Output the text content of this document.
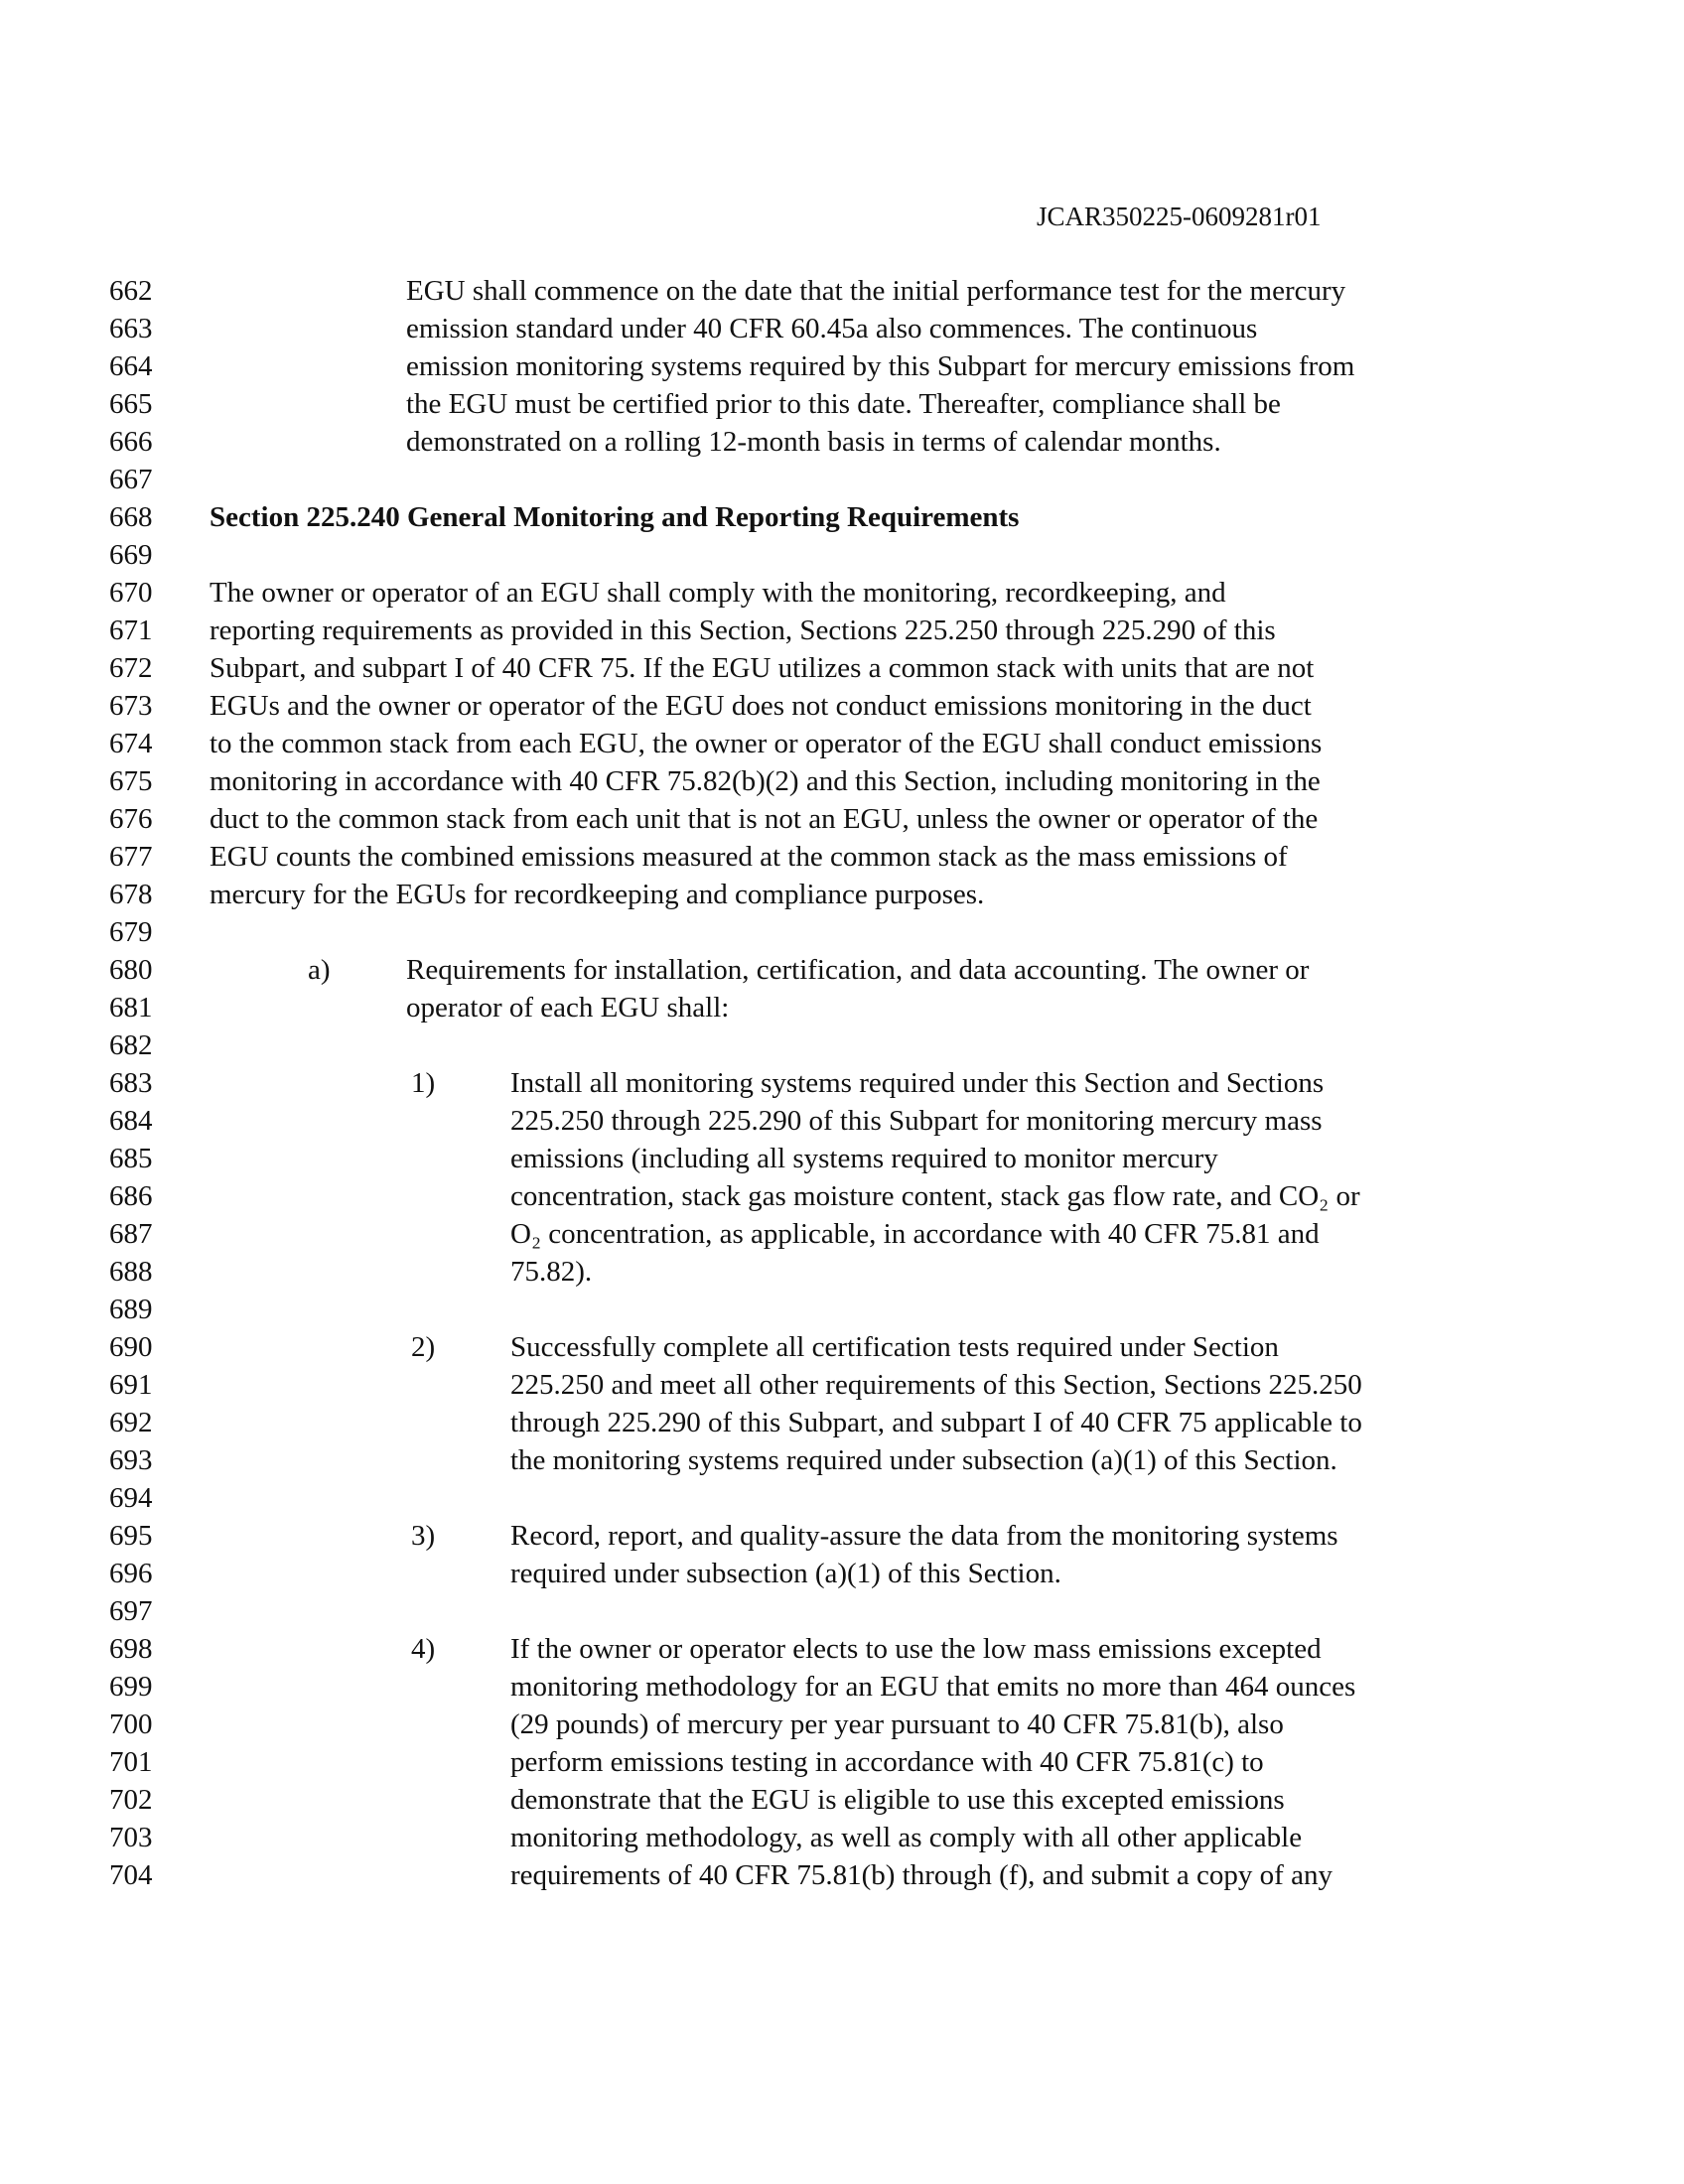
JCAR350225-0609281r01
662	EGU shall commence on the date that the initial performance test for the mercury
663	emission standard under 40 CFR 60.45a also commences. The continuous
664	emission monitoring systems required by this Subpart for mercury emissions from
665	the EGU must be certified prior to this date. Thereafter, compliance shall be
666	demonstrated on a rolling 12-month basis in terms of calendar months.
667
668 Section 225.240 General Monitoring and Reporting Requirements
669
670 The owner or operator of an EGU shall comply with the monitoring, recordkeeping, and
671 reporting requirements as provided in this Section, Sections 225.250 through 225.290 of this
672 Subpart, and subpart I of 40 CFR 75. If the EGU utilizes a common stack with units that are not
673 EGUs and the owner or operator of the EGU does not conduct emissions monitoring in the duct
674 to the common stack from each EGU, the owner or operator of the EGU shall conduct emissions
675 monitoring in accordance with 40 CFR 75.82(b)(2) and this Section, including monitoring in the
676 duct to the common stack from each unit that is not an EGU, unless the owner or operator of the
677 EGU counts the combined emissions measured at the common stack as the mass emissions of
678 mercury for the EGUs for recordkeeping and compliance purposes.
679
680	a)	Requirements for installation, certification, and data accounting. The owner or
681	operator of each EGU shall:
682
683	1)	Install all monitoring systems required under this Section and Sections
684	225.250 through 225.290 of this Subpart for monitoring mercury mass
685	emissions (including all systems required to monitor mercury
686	concentration, stack gas moisture content, stack gas flow rate, and CO₂ or
687	O₂ concentration, as applicable, in accordance with 40 CFR 75.81 and
688	75.82).
689
690	2)	Successfully complete all certification tests required under Section
691	225.250 and meet all other requirements of this Section, Sections 225.250
692	through 225.290 of this Subpart, and subpart I of 40 CFR 75 applicable to
693	the monitoring systems required under subsection (a)(1) of this Section.
694
695	3)	Record, report, and quality-assure the data from the monitoring systems
696	required under subsection (a)(1) of this Section.
697
698	4)	If the owner or operator elects to use the low mass emissions excepted
699	monitoring methodology for an EGU that emits no more than 464 ounces
700	(29 pounds) of mercury per year pursuant to 40 CFR 75.81(b), also
701	perform emissions testing in accordance with 40 CFR 75.81(c) to
702	demonstrate that the EGU is eligible to use this excepted emissions
703	monitoring methodology, as well as comply with all other applicable
704	requirements of 40 CFR 75.81(b) through (f), and submit a copy of any
